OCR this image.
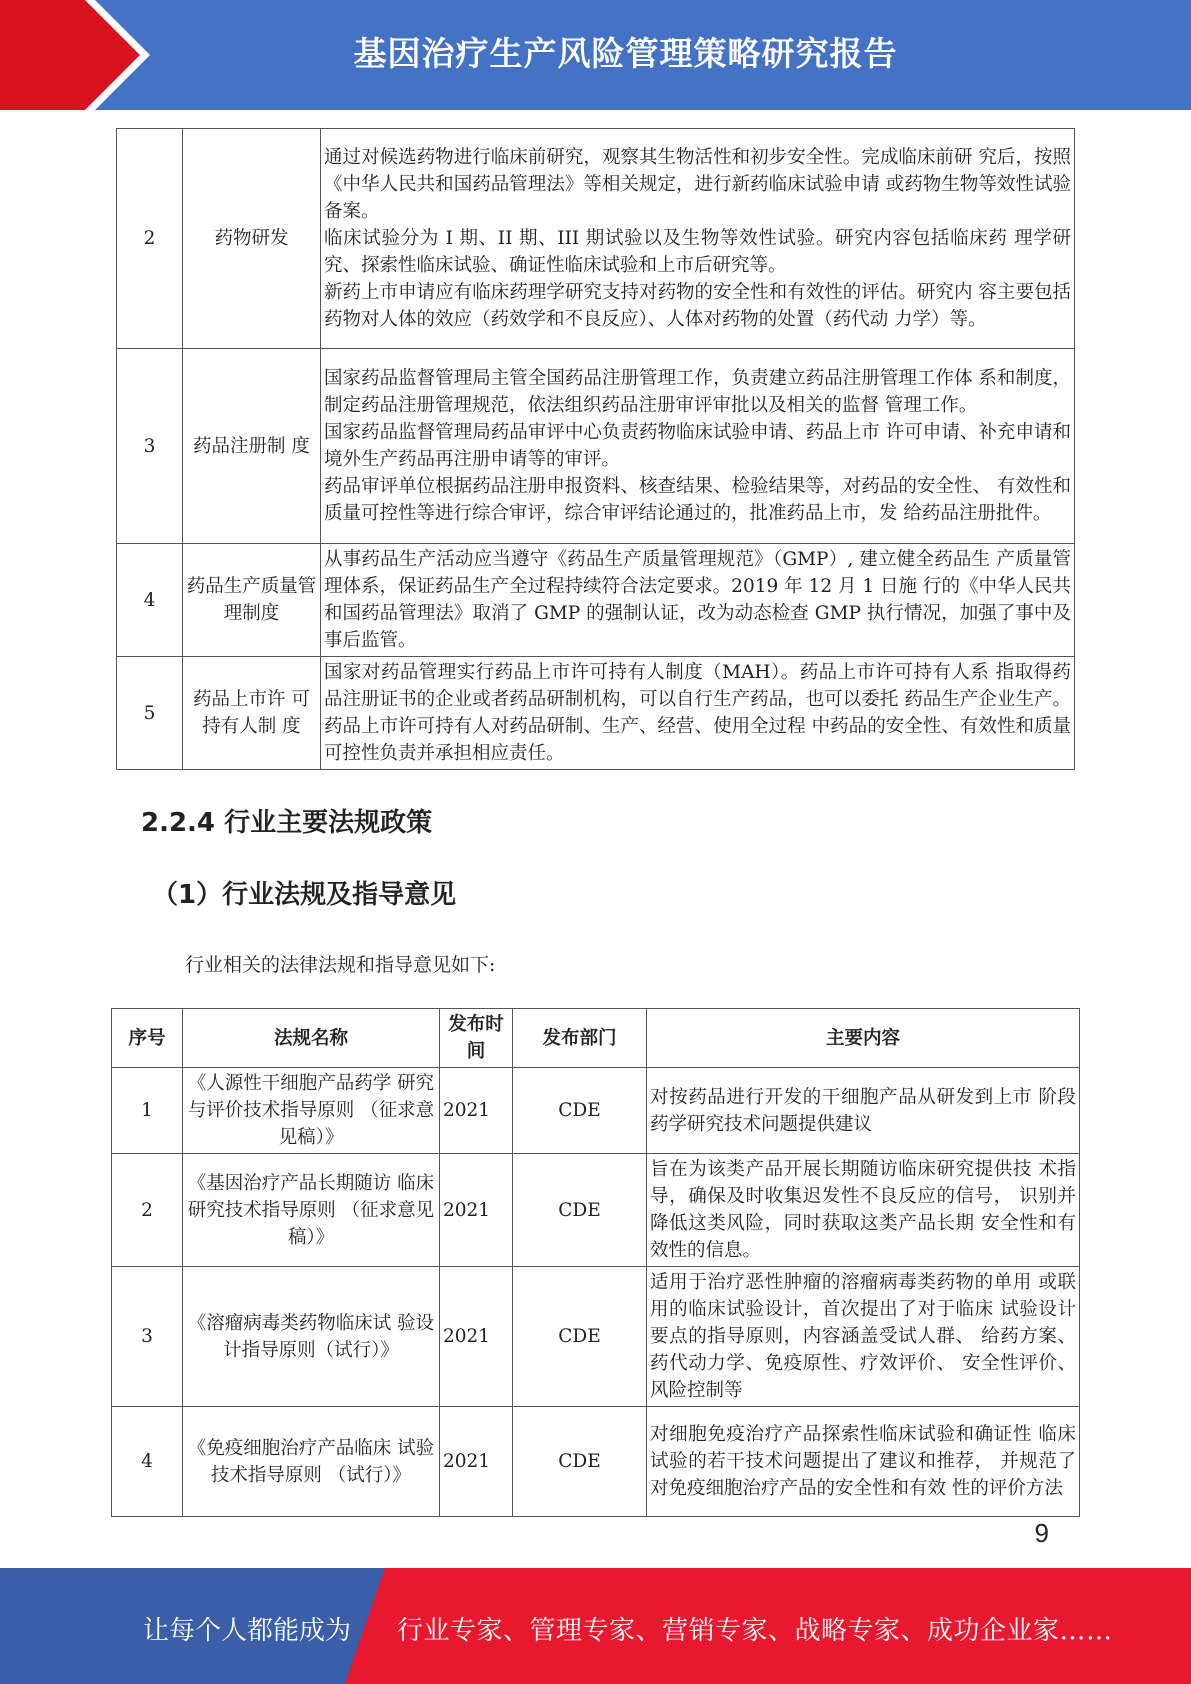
基因治疗生产风险管理策略研究报告
2	药物研发	通过对候选药物进行临床前研究，观察其生物活性和初步安全性。完成临床前研 究后，按照《中华人民共和国药品管理法》等相关规定，进行新药临床试验申请 或药物生物等效性试验备案。
临床试验分为 I 期、II 期、III 期试验以及生物等效性试验。研究内容包括临床药 理学研究、探索性临床试验、确证性临床试验和上市后研究等。
新药上市申请应有临床药理学研究支持对药物的安全性和有效性的评估。研究内 容主要包括药物对人体的效应（药效学和不良反应）、人体对药物的处置（药代动 力学）等。

3	药品注册制 度	国家药品监督管理局主管全国药品注册管理工作，负责建立药品注册管理工作体 系和制度，制定药品注册管理规范，依法组织药品注册审评审批以及相关的监督 管理工作。
国家药品监督管理局药品审评中心负责药物临床试验申请、药品上市 许可申请、补充申请和境外生产药品再注册申请等的审评。
药品审评单位根据药品注册申报资料、核查结果、检验结果等，对药品的安全性、 有效性和质量可控性等进行综合审评，综合审评结论通过的，批准药品上市，发 给药品注册批件。

4	药品生产质量管理制度	从事药品生产活动应当遵守《药品生产质量管理规范》（GMP）, 建立健全药品生 产质量管理体系，保证药品生产全过程持续符合法定要求。2019 年 12 月 1 日施 行的《中华人民共和国药品管理法》取消了 GMP 的强制认证，改为动态检查 GMP 执行情况，加强了事中及事后监管。
5	药品上市许 可持有人制 度	国家对药品管理实行药品上市许可持有人制度（MAH）。药品上市许可持有人系 指取得药品注册证书的企业或者药品研制机构，可以自行生产药品，也可以委托 药品生产企业生产。药品上市许可持有人对药品研制、生产、经营、使用全过程 中药品的安全性、有效性和质量可控性负责并承担相应责任。
2.2.4 行业主要法规政策
（1）行业法规及指导意见
行业相关的法律法规和指导意见如下:
序号	法规名称	发布时间	发布部门	主要内容
1	《人源性干细胞产品药学 研究与评价技术指导原则 （征求意见稿）》	2021	CDE	对按药品进行开发的干细胞产品从研发到上市 阶段药学研究技术问题提供建议
2	《基因治疗产品长期随访 临床研究技术指导原则 （征求意见稿）》	2021	CDE	旨在为该类产品开展长期随访临床研究提供技 术指导，确保及时收集迟发性不良反应的信号， 识别并降低这类风险，同时获取这类产品长期 安全性和有效性的信息。
3	《溶瘤病毒类药物临床试 验设计指导原则（试行）》	2021	CDE	适用于治疗恶性肿瘤的溶瘤病毒类药物的单用 或联用的临床试验设计，首次提出了对于临床 试验设计要点的指导原则，内容涵盖受试人群、 给药方案、药代动力学、免疫原性、疗效评价、 安全性评价、风险控制等
4	《免疫细胞治疗产品临床 试验技术指导原则 （试行）》	2021	CDE	对细胞免疫治疗产品探索性临床试验和确证性 临床试验的若干技术问题提出了建议和推荐， 并规范了对免疫细胞治疗产品的安全性和有效 性的评价方法
9
让每个人都能成为 行业专家、管理专家、营销专家、战略专家、成功企业家……
